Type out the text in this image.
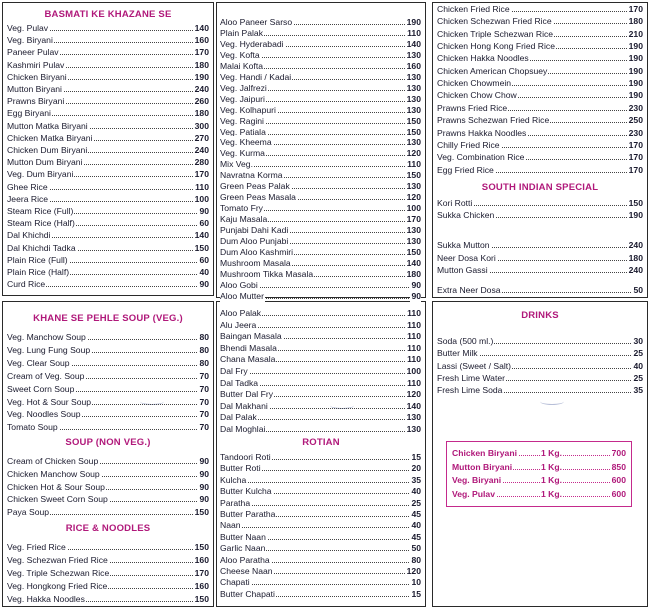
BASMATI KE KHAZANE SE
KHANE SE PEHLE SOUP (VEG.)
SOUP (NON VEG.)
RICE & NOODLES
ROTIAN
SOUTH INDIAN SPECIAL
DRINKS
Veg. Pulav	140
Veg. Biryani	160
Paneer Pulav	170
Kashmiri Pulav	180
Chicken Biryani	190
Mutton Biryani	240
Prawns Biryani	260
Egg Biryani	180
Mutton Matka Biryani	300
Chicken Matka Biryani	270
Chicken Dum Biryani	240
Mutton Dum Biryani	280
Veg. Dum Biryani	170
Ghee Rice	110
Jeera Rice	100
Steam Rice (Full)	90
Steam Rice (Half)	60
Dal Khichdi	140
Dal Khichdi Tadka	150
Plain Rice (Full)	60
Plain Rice (Half)	40
Curd Rice	90
Veg. Manchow Soup	80
Veg. Lung Fung Soup	80
Veg. Clear Soup	80
Cream of Veg. Soup	70
Sweet Corn Soup	70
Veg. Hot & Sour Soup	70
Veg. Noodles Soup	70
Tomato Soup	70
Cream of Chicken Soup	90
Chicken Manchow Soup	90
Chicken Hot & Sour Soup	90
Chicken Sweet Corn Soup	90
Paya Soup	150
Veg. Fried Rice	150
Veg. Schezwan Fried Rice	160
Veg. Triple Schezwan Rice	170
Veg. Hongkong Fried Rice	160
Veg. Hakka Noodles	150
Aloo Paneer Sarso	190
Plain Palak	110
Veg. Hyderabadi	140
Veg. Kofta	130
Malai Kofta	160
Veg. Handi / Kadai	130
Veg. Jalfrezi	130
Veg. Jaipuri	130
Veg. Kolhapuri	130
Veg. Ragini	150
Veg. Patiala	150
Veg. Kheema	130
Veg. Kurma	120
Mix Veg.	110
Navratna Korma	150
Green Peas Palak	130
Green Peas Masala	120
Tomato Fry	100
Kaju Masala	170
Punjabi Dahi Kadi	130
Dum Aloo Punjabi	130
Dum Aloo Kashmiri	150
Mushroom Masala	140
Mushroom Tikka Masala	180
Aloo Gobi	90
Aloo Mutter	90
Aloo Palak	110
Alu Jeera	110
Baingan Masala	110
Bhendi Masala	110
Chana Masala	110
Dal Fry	100
Dal Tadka	110
Butter Dal Fry	120
Dal Makhani	140
Dal Palak	130
Dal Moghlai	130
Tandoori Roti	15
Butter Roti	20
Kulcha	35
Butter Kulcha	40
Paratha	25
Butter Paratha	45
Naan	40
Butter Naan	45
Garlic Naan	50
Aloo Paratha	80
Cheese Naan	120
Chapati	10
Butter Chapati	15
Chicken Fried Rice	170
Chicken Schezwan Fried Rice	180
Chicken Triple Schezwan Rice	210
Chicken Hong Kong Fried Rice	190
Chicken Hakka Noodles	190
Chicken American Chopsuey	190
Chicken Chowmein	190
Chicken Chow Chow	190
Prawns Fried Rice	230
Prawns Schezwan Fried Rice	250
Prawns Hakka Noodles	230
Chilly Fried Rice	170
Veg. Combination Rice	170
Egg Fried Rice	170
Kori Rotti	150
Sukka Chicken	190
Sukka Mutton	240
Neer Dosa Kori	180
Mutton Gassi	240
Extra Neer Dosa	50
Soda (500 ml.)	30
Butter Milk	25
Lassi (Sweet / Salt)	40
Fresh Lime Water	25
Fresh Lime Soda	35
Chicken Biryani	1 Kg.	700
Mutton Biryani	1 Kg.	850
Veg. Biryani	1 Kg.	600
Veg. Pulav	1 Kg.	600
